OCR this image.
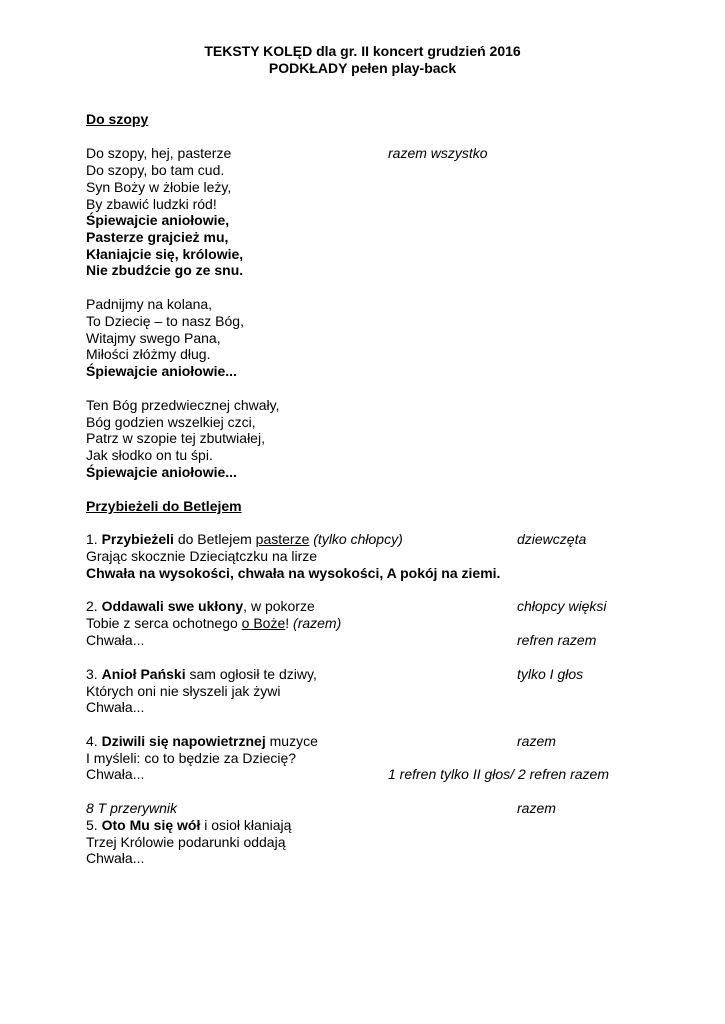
TEKSTY KOLĘD dla gr. II koncert grudzień 2016
PODKŁADY pełen play-back
Do szopy
Do szopy, hej, pasterze	razem wszystko
Do szopy, bo tam cud.
Syn Boży w żłobie leży,
By zbawić ludzki ród!
Śpiewajcie aniołowie,
Pasterze grajcież mu,
Kłaniajcie się, królowie,
Nie zbudźcie go ze snu.
Padnijmy na kolana,
To Dziecię – to nasz Bóg,
Witajmy swego Pana,
Miłości złóżmy dług.
Śpiewajcie aniołowie...
Ten Bóg przedwiecznej chwały,
Bóg godzien wszelkiej czci,
Patrz w szopie tej zbutwiałej,
Jak słodko on tu śpi.
Śpiewajcie aniołowie...
Przybieżeli do Betlejem
1. Przybieżeli do Betlejem pasterze (tylko chłopcy)	dziewczęta
Grając skocznie Dzieciątczku na lirze
Chwała na wysokości, chwała na wysokości, A pokój na ziemi.
2. Oddawali swe ukłony, w pokorze	chłopcy więksi
Tobie z serca ochotnego o Boże! (razem)
Chwała...	refren razem
3. Anioł Pański sam ogłosił te dziwy,	tylko I głos
Których oni nie słyszeli jak żywi
Chwała...
4. Dziwili się napowietrznej muzyce	razem
I myśleli: co to będzie za Dziecię?
Chwała...	1 refren tylko II głos/ 2 refren razem
8 T przerywnik	razem
5. Oto Mu się wół i osioł kłaniają
Trzej Królowie podarunki oddają
Chwała...
